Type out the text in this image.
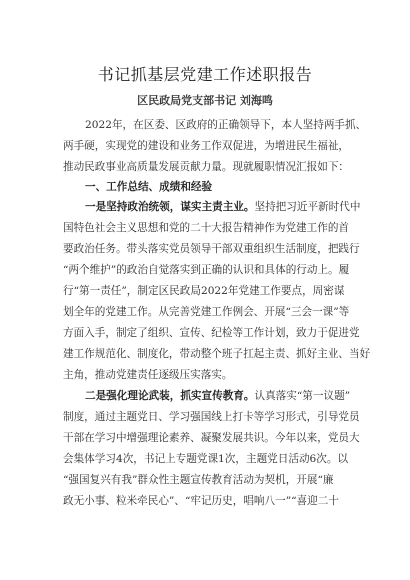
书记抓基层党建工作述职报告
区民政局党支部书记 刘海鸣
2022年，在区委、区政府的正确领导下，本人坚持两手抓、
两手硬，实现党的建设和业务工作双促进，为增进民生福祉，
推动民政事业高质量发展贡献力量。现就履职情况汇报如下：
一、工作总结、成绩和经验
一是坚持政治统领，谋实主责主业。坚持把习近平新时代中
国特色社会主义思想和党的二十大报告精神作为党建工作的首
要政治任务。带头落实党员领导干部双重组织生活制度，把践行
“两个维护”的政治自觉落实到正确的认识和具体的行动上。履
行“第一责任”，制定区民政局2022年党建工作要点，周密谋
划全年的党建工作。从完善党建工作例会、开展“三会一课”等
方面入手，制定了组织、宣传、纪检等工作计划，致力于促进党
建工作规范化、制度化，带动整个班子扛起主责、抓好主业、当好
主角，推动党建责任逐级压实落实。
二是强化理论武装，抓实宣传教育。认真落实“第一议题”
制度，通过主题党日、学习强国线上打卡等学习形式，引导党员
干部在学习中增强理论素养、凝聚发展共识。今年以来，党员大
会集体学习4次，书记上专题党课1次，主题党日活动6次。以
“强国复兴有我”群众性主题宣传教育活动为契机，开展“廉
政无小事、粒米牵民心”、“牢记历史，唱响八一”“喜迎二十
